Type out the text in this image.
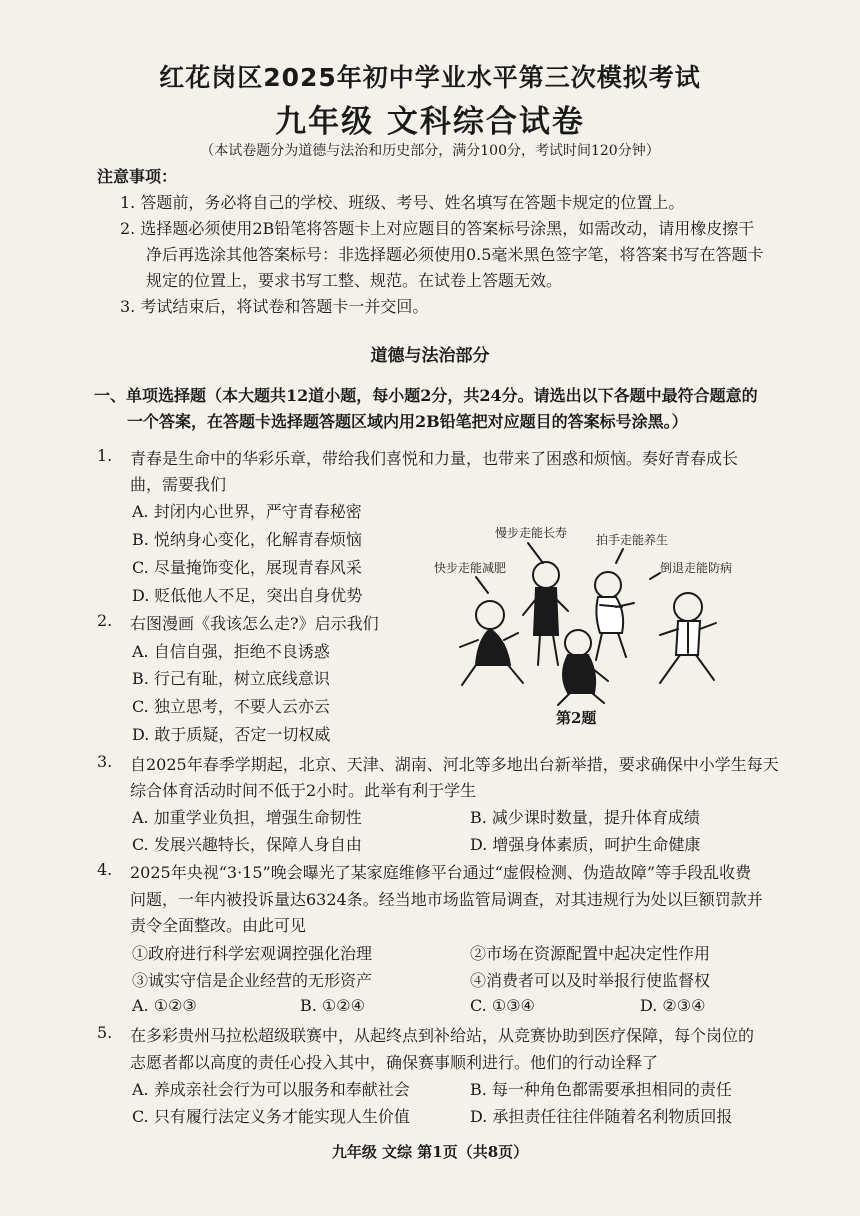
红花岗区2025年初中学业水平第三次模拟考试
九年级 文科综合试卷
（本试卷题分为道德与法治和历史部分，满分100分，考试时间120分钟）
注意事项：
1. 答题前，务必将自己的学校、班级、考号、姓名填写在答题卡规定的位置上。
2. 选择题必须使用2B铅笔将答题卡上对应题目的答案标号涂黑，如需改动，请用橡皮擦干
净后再选涂其他答案标号：非选择题必须使用0.5毫米黑色签字笔，将答案书写在答题卡
规定的位置上，要求书写工整、规范。在试卷上答题无效。
3. 考试结束后，将试卷和答题卡一并交回。
道德与法治部分
一、单项选择题（本大题共12道小题，每小题2分，共24分。请选出以下各题中最符合题意的
一个答案，在答题卡选择题答题区域内用2B铅笔把对应题目的答案标号涂黑。）
1. 青春是生命中的华彩乐章，带给我们喜悦和力量，也带来了困惑和烦恼。奏好青春成长
曲，需要我们
A. 封闭内心世界，严守青春秘密
B. 悦纳身心变化，化解青春烦恼
C. 尽量掩饰变化，展现青春风采
D. 贬低他人不足，突出自身优势
2. 右图漫画《我该怎么走?》启示我们
A. 自信自强，拒绝不良诱惑
B. 行己有耻，树立底线意识
C. 独立思考，不要人云亦云
D. 敢于质疑，否定一切权威
慢步走能长寿 拍手走能养生
快步走能减肥	倒退走能防病
第2题
3. 自2025年春季学期起，北京、天津、湖南、河北等多地出台新举措，要求确保中小学生每天
综合体育活动时间不低于2小时。此举有利于学生
A. 加重学业负担，增强生命韧性	B. 减少课时数量，提升体育成绩
C. 发展兴趣特长，保障人身自由	D. 增强身体素质，呵护生命健康
4. 2025年央视“3·15”晚会曝光了某家庭维修平台通过“虚假检测、伪造故障”等手段乱收费
问题，一年内被投诉量达6324条。经当地市场监管局调查，对其违规行为处以巨额罚款并
责令全面整改。由此可见
①政府进行科学宏观调控强化治理	②市场在资源配置中起决定性作用
③诚实守信是企业经营的无形资产	④消费者可以及时举报行使监督权
A. ①②③	B. ①②④	C. ①③④	D. ②③④
5. 在多彩贵州马拉松超级联赛中，从起终点到补给站，从竞赛协助到医疗保障，每个岗位的
志愿者都以高度的责任心投入其中，确保赛事顺利进行。他们的行动诠释了
A. 养成亲社会行为可以服务和奉献社会	B. 每一种角色都需要承担相同的责任
C. 只有履行法定义务才能实现人生价值	D. 承担责任往往伴随着名利物质回报
九年级 文综 第1页（共8页）
